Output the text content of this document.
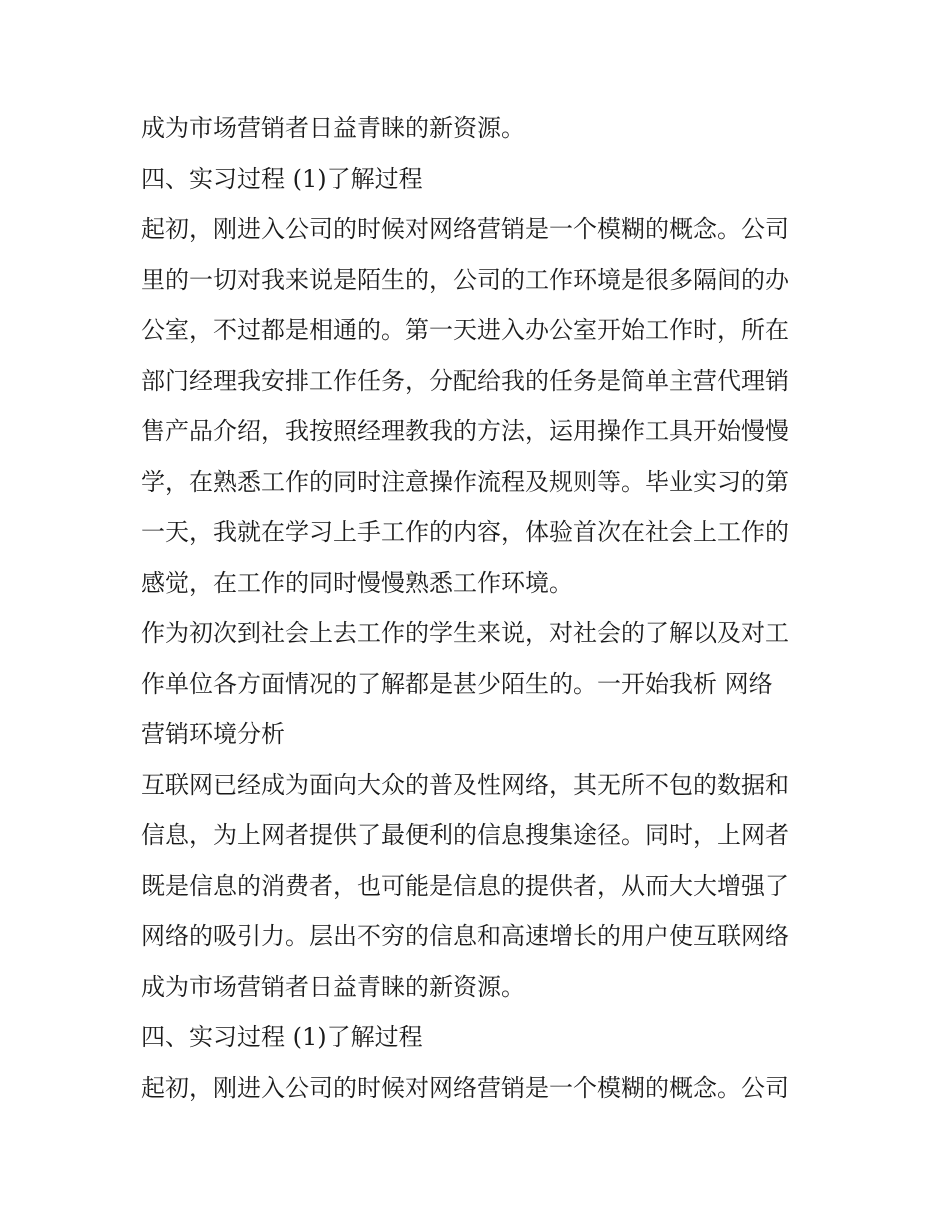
成为市场营销者日益青睐的新资源。
四、实习过程 (1)了解过程
起初，刚进入公司的时候对网络营销是一个模糊的概念。公司
里的一切对我来说是陌生的，公司的工作环境是很多隔间的办
公室，不过都是相通的。第一天进入办公室开始工作时，所在
部门经理我安排工作任务，分配给我的任务是简单主营代理销
售产品介绍，我按照经理教我的方法，运用操作工具开始慢慢
学，在熟悉工作的同时注意操作流程及规则等。毕业实习的第
一天，我就在学习上手工作的内容，体验首次在社会上工作的
感觉，在工作的同时慢慢熟悉工作环境。
作为初次到社会上去工作的学生来说，对社会的了解以及对工
作单位各方面情况的了解都是甚少陌生的。一开始我析 网络
营销环境分析
互联网已经成为面向大众的普及性网络，其无所不包的数据和
信息，为上网者提供了最便利的信息搜集途径。同时，上网者
既是信息的消费者，也可能是信息的提供者，从而大大增强了
网络的吸引力。层出不穷的信息和高速增长的用户使互联网络
成为市场营销者日益青睐的新资源。
四、实习过程 (1)了解过程
起初，刚进入公司的时候对网络营销是一个模糊的概念。公司
